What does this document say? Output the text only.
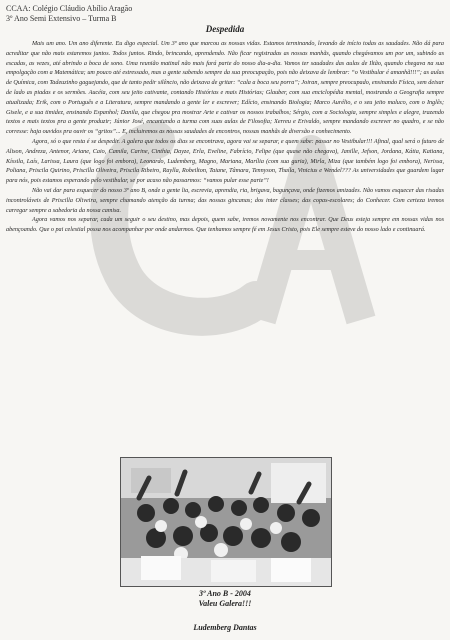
CCAA: Colégio Cláudio Abílio Aragão
3º Ano Semi Extensivo – Turma B
Despedida

Mais um ano. Um ano diferente. Eu digo especial. Um 3º ano que marcou as nossas vidas. Estamos terminando, levando de início todas as saudades. Não dá para acreditar que não mais estaremos juntos. Todos juntos. Rindo, brincando, aprendendo. Não ficar registradas as nossas manhãs, quando chegávamos um por um, subindo as escadas, as vezes, até abrindo a boca de sono. Uma reunião matinal não mais fará parte do nosso dia-a-dia. Vamos ter saudades das aulas de Iltão, quando chegava na sua empolgação com a Matemática; um pouco até estressado, mas a gente sabendo sempre da sua preocupação, pois não deixava de lembrar: “o Vestibular é amanhã!!!”; as aulas de Química, com Tadeuzinho gaguejando, que de tanto pedir silêncio, não deixava de gritar: “cala a boca seu porra”; Joiran, sempre preocupado, ensinando Física, sem deixar de lado as piadas e os sermões. Aucéia, com seu jeito cativante, contando Histórias e mais Histórias; Glauber, com sua enciclopédia mental, mostrando a Geografia sempre atualizada; Erik, com o Português e a Literatura, sempre mandando a gente ler e escrever; Edício, ensinando Biologia; Marco Aurélio, e o seu jeito maluco, com o Inglês; Gisele, e a sua timidez, ensinando Espanhol; Danila, que chegou pra mostrar Arte e cativar os nossos trabalhos; Sérgio, com a Sociologia, sempre simples e alegre, trazendo textos e mais textos pra a gente produzir; Júnior José, encantando a turma com suas aulas de Filosofia; Xerreu e Erivaldo, sempre mandando escrever no quadro, e se não corresse: haja ouvidos pra ouvir os “gritos”... E, incluiremos as nossas saudades de encontros, nossas manhãs de diversão e conhecimento.

Agora, só o que resta é se despedir. A galera que todos os dias se encontrava, agora vai se separar, e quem sabe: passar no Vestibular!!! Afinal, qual será o futuro de Alison, Andreza, Antenor, Ariane, Caio, Camila, Carine, Cinthia, Dayze, Erla, Eveline, Fabrício, Felipe (que quase não chegava), Janille, Jefson, Jordana, Kátia, Katiana, Kíssila, Laís, Larissa, Laura (que logo foi embora), Leonardo, Ludemberg, Magno, Mariana, Marília (com sua guria), Mirla, Miza (que também logo foi embora), Nerissa, Poliana, Priscila Quirino, Priscilla Oliveira, Priscila Ribeiro, Raylla, Robeilton, Taiane, Tâmara, Tennyson, Thaíla, Vinicius e Wendel??? As universidades que guardem lugar para nós, pois estamos esperando pelo vestibular, se por acaso não passarmos: “vamos pular esse parte”!

Não vai dar para esquecer do nosso 3º ano B, onde a gente lia, escrevia, aprendia, ria, brigava, bagunçava, onde fizemos amizades. Não vamos esquecer das risadas incontroláveis de Priscilla Oliveira, sempre chamando atenção da turma; das nossas gincanas; dos inter classes; das copas-escolares; do Conhecer. Com certeza iremos carregar sempre a sabedoria da nossa camisa.

Agora vamos nos separar, cada um seguir o seu destino, mas depois, quem sabe, iremos novamente nos encontrar. Que Deus esteja sempre em nossas vidas nos abençoando. Que o pai celestial possa nos acompanhar por onde andarmos. Que tenhamos sempre fé em Jesus Cristo, pois Ele sempre esteve do nosso lado e continuará.

3º Ano B - 2004
Valeu Galera!!!
Ludemberg Dantas
